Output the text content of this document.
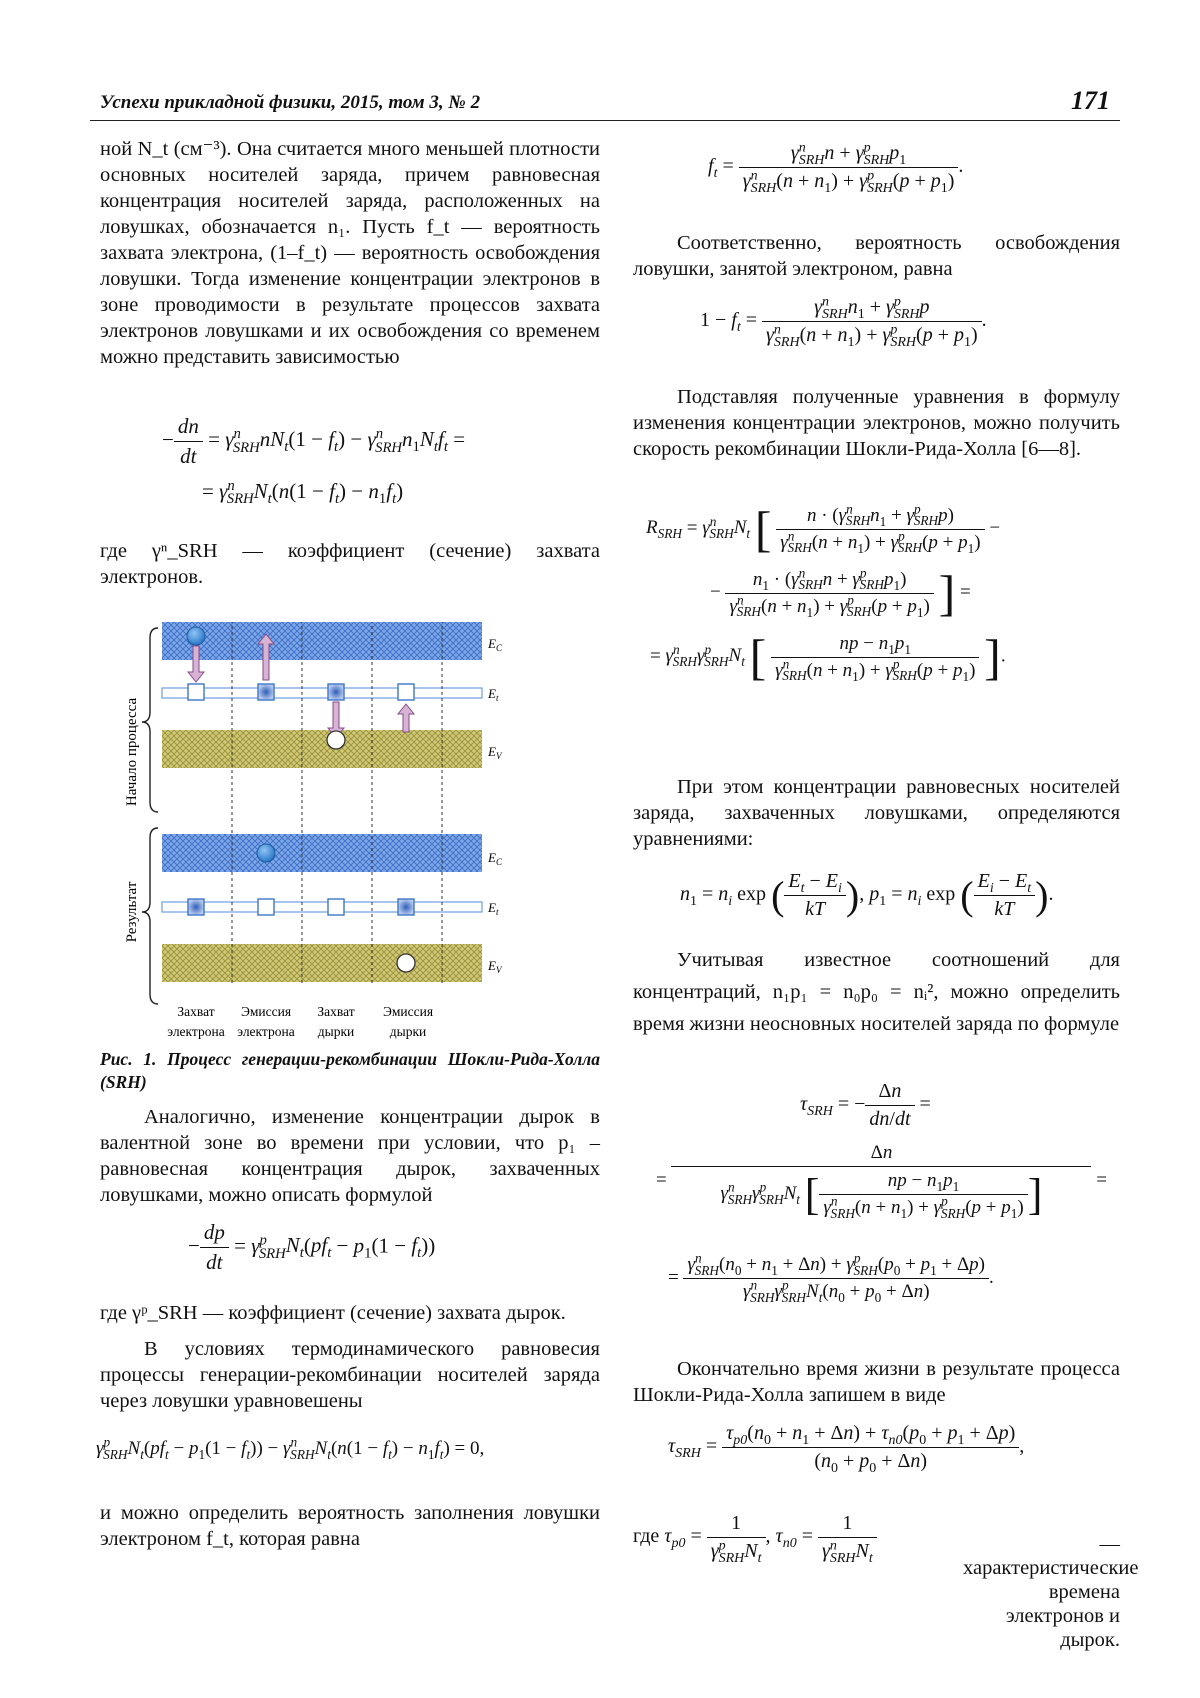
Успехи прикладной физики, 2015, том 3, № 2	171

ной N_t (см⁻³). Она считается много меньшей плотности основных носителей заряда, причем равновесная концентрация носителей заряда, расположенных на ловушках, обозначается n₁. Пусть f_t — вероятность захвата электрона, (1–f_t) — вероятность освобождения ловушки. Тогда изменение концентрации электронов в зоне проводимости в результате процессов захвата электронов ловушками и их освобождения со временем можно представить зависимостью

− $\frac{dn}{dt} = \gamma^n_{SRH}nN_t(1 - f_t) - \gamma^n_{SRH}n_1N_tf_t$ =
= $\gamma^n_{SRH}N_t(n(1 - f_t) - n_1f_t)$
где γⁿ_SRH — коэффициент (сечение) захвата электронов.
Начало процесса
Результат
$E_C$
$E_t$
$E_V$
$E_C$
$E_t$
$E_V$
Захват
электрона
Эмиссия
электрона
Захват
дырки
Эмиссия
дырки
Рис. 1. Процесс генерации-рекомбинации Шокли-Рида-Холла (SRH)
Аналогично, изменение концентрации дырок в валентной зоне во времени при условии, что p₁ – равновесная концентрация дырок, захваченных ловушками, можно описать формулой
− $\frac{dp}{dt} = \gamma^p_{SRH}N_t(pf_t - p_1(1 - f_t))$
где γᵖ_SRH — коэффициент (сечение) захвата дырок.
В условиях термодинамического равновесия процессы генерации-рекомбинации носителей заряда через ловушки уравновешены
$\gamma^p_{SRH}N_t(pf_t - p_1(1 - f_t)) - \gamma^n_{SRH}N_t(n(1 - f_t) - n_1f_t) = 0$,
и можно определить вероятность заполнения ловушки электроном f_t, которая равна
$f_t = \frac{\gamma^n_{SRH}n + \gamma^p_{SRH}p_1}{\gamma^n_{SRH}(n + n_1) + \gamma^p_{SRH}(p + p_1)}$ .
Соответственно, вероятность освобождения ловушки, занятой электроном, равна
$1 - f_t = \frac{\gamma^n_{SRH}n_1 + \gamma^p_{SRH}p}{\gamma^n_{SRH}(n + n_1) + \gamma^p_{SRH}(p + p_1)}$ .
Подставляя полученные уравнения в формулу изменения концентрации электронов, можно получить скорость рекомбинации Шокли-Рида-Холла [6—8].
$R_{SRH} = \gamma^n_{SRH}N_t$ [ $\frac{n \cdot (\gamma^n_{SRH}n_1 + \gamma^p_{SRH}p)}{\gamma^n_{SRH}(n + n_1) + \gamma^p_{SRH}(p + p_1)}$ −
− $\frac{n_1 \cdot (\gamma^n_{SRH}n + \gamma^p_{SRH}p_1)}{\gamma^n_{SRH}(n + n_1) + \gamma^p_{SRH}(p + p_1)}$ ] =
= $\gamma^n_{SRH}\gamma^p_{SRH}N_t$ [ $\frac{np - n_1p_1}{\gamma^n_{SRH}(n + n_1) + \gamma^p_{SRH}(p + p_1)}$ ].
При этом концентрации равновесных носителей заряда, захваченных ловушками, определяются уравнениями:
$n_1 = n_i$ exp ( $\frac{E_t - E_i}{kT}$ ), $p_1 = n_i$ exp ( $\frac{E_i - E_t}{kT}$ ).
Учитывая известное соотношений для концентраций, n₁p₁ = n₀p₀ = nᵢ², можно определить время жизни неосновных носителей заряда по формуле
$\tau_{SRH}$ = − $\frac{\Delta n}{dn/dt}$ =
= $\frac{\Delta n}{\gamma^n_{SRH}\gamma^p_{SRH}N_t [ \frac{np - n_1p_1}{\gamma^n_{SRH}(n + n_1) + \gamma^p_{SRH}(p + p_1)} ]}$ =
= $\frac{\gamma^n_{SRH}(n_0 + n_1 + \Delta n) + \gamma^p_{SRH}(p_0 + p_1 + \Delta p)}{\gamma^n_{SRH}\gamma^p_{SRH}N_t(n_0 + p_0 + \Delta n)}$ .
Окончательно время жизни в результате процесса Шокли-Рида-Холла запишем в виде
$\tau_{SRH} = \frac{\tau_{p0}(n_0 + n_1 + \Delta n) + \tau_{n0}(p_0 + p_1 + \Delta p)}{(n_0 + p_0 + \Delta n)}$ ,
где $\tau_{p0} = \frac{1}{\gamma^p_{SRH}N_t}$ , $\tau_{n0} = \frac{1}{\gamma^n_{SRH}N_t}$	— характеристические времена электронов и дырок.
